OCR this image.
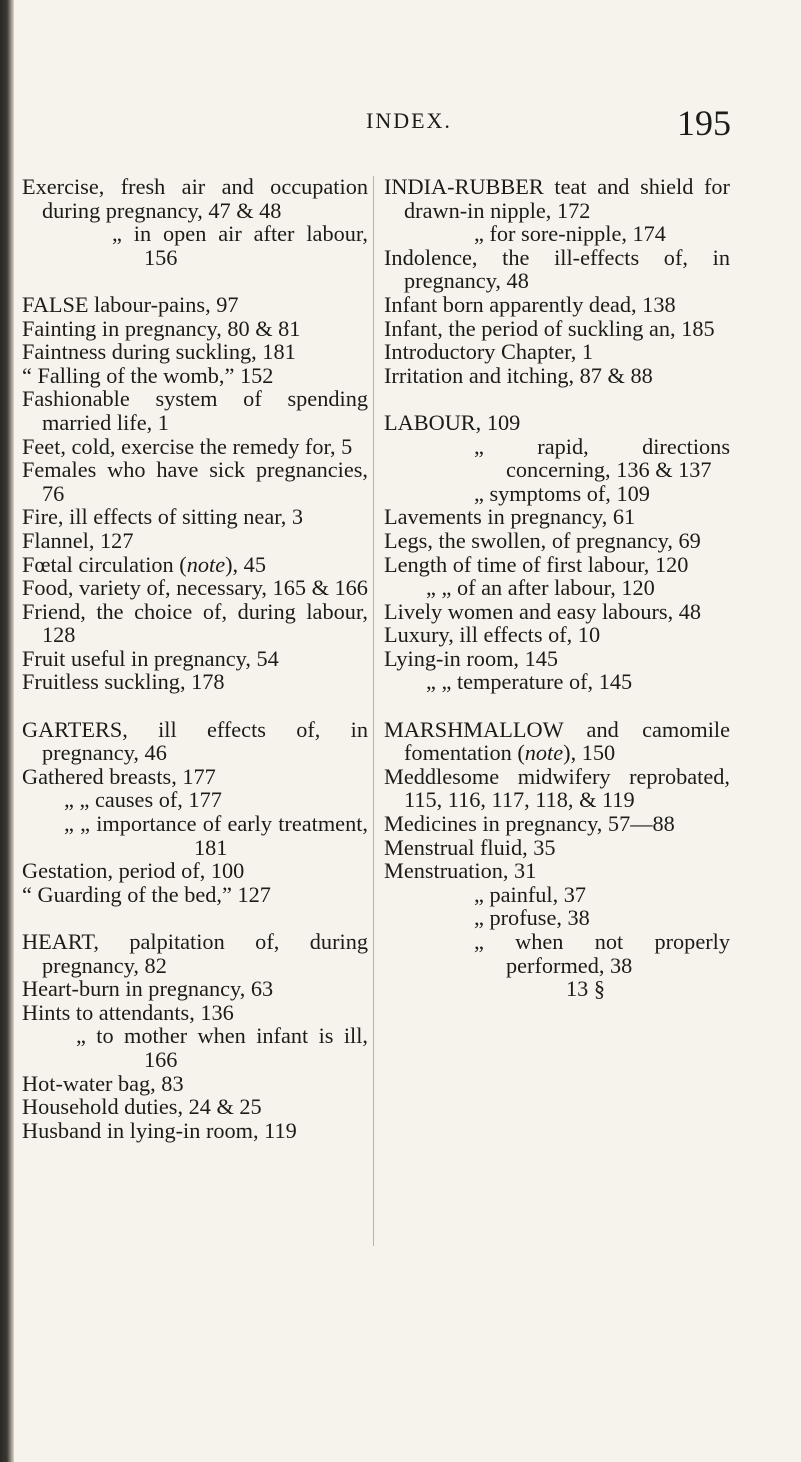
INDEX.	195
Exercise, fresh air and occupation during pregnancy, 47 & 48
„ in open air after labour, 156
FALSE labour-pains, 97
Fainting in pregnancy, 80 & 81
Faintness during suckling, 181
“ Falling of the womb,” 152
Fashionable system of spending married life, 1
Feet, cold, exercise the remedy for, 5
Females who have sick pregnancies, 76
Fire, ill effects of sitting near, 3
Flannel, 127
Fœtal circulation (note), 45
Food, variety of, necessary, 165 & 166
Friend, the choice of, during labour, 128
Fruit useful in pregnancy, 54
Fruitless suckling, 178
GARTERS, ill effects of, in pregnancy, 46
Gathered breasts, 177
„ „ causes of, 177
„ „ importance of early treatment, 181
Gestation, period of, 100
“ Guarding of the bed,” 127
HEART, palpitation of, during pregnancy, 82
Heart-burn in pregnancy, 63
Hints to attendants, 136
„ to mother when infant is ill, 166
Hot-water bag, 83
Household duties, 24 & 25
Husband in lying-in room, 119
INDIA-RUBBER teat and shield for drawn-in nipple, 172
„ for sore-nipple, 174
Indolence, the ill-effects of, in pregnancy, 48
Infant born apparently dead, 138
Infant, the period of suckling an, 185
Introductory Chapter, 1
Irritation and itching, 87 & 88
LABOUR, 109
„ rapid, directions concerning, 136 & 137
„ symptoms of, 109
Lavements in pregnancy, 61
Legs, the swollen, of pregnancy, 69
Length of time of first labour, 120
„ „ of an after labour, 120
Lively women and easy labours, 48
Luxury, ill effects of, 10
Lying-in room, 145
„ „ temperature of, 145
MARSHMALLOW and camomile fomentation (note), 150
Meddlesome midwifery reprobated, 115, 116, 117, 118, & 119
Medicines in pregnancy, 57—88
Menstrual fluid, 35
Menstruation, 31
„ painful, 37
„ profuse, 38
„ when not properly performed, 38
13 §
